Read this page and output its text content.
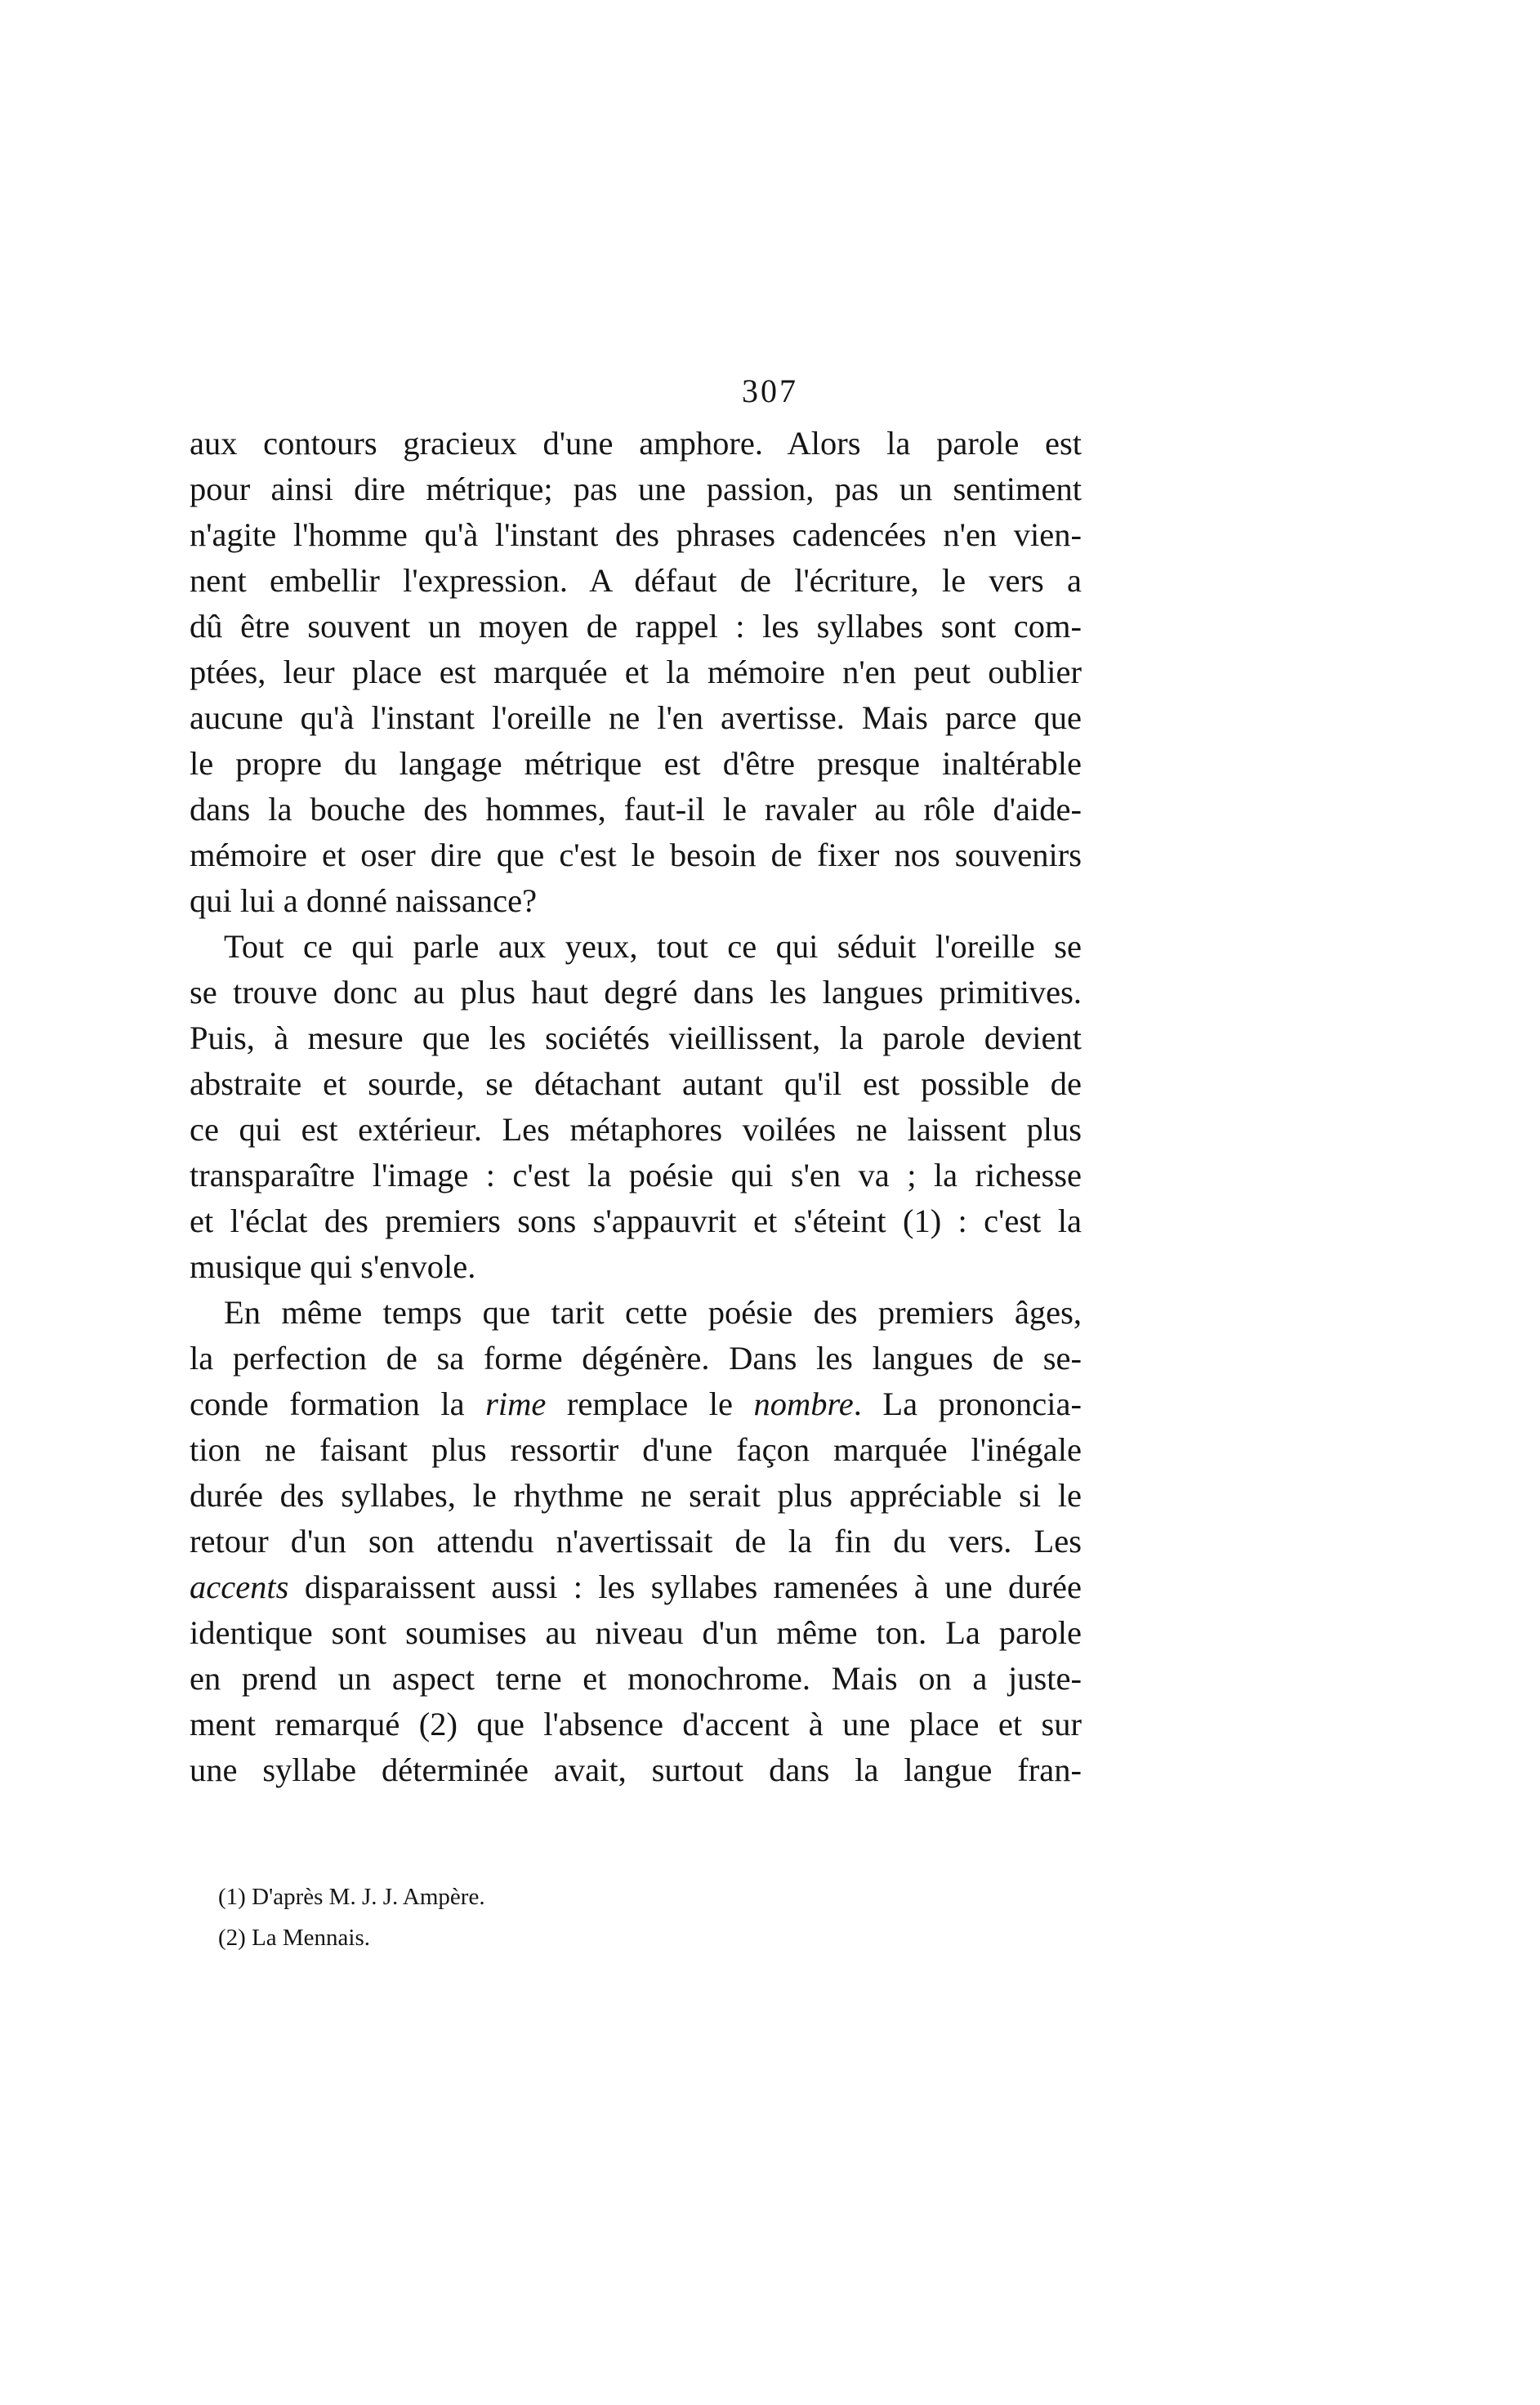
307
aux contours gracieux d'une amphore. Alors la parole est
pour ainsi dire métrique; pas une passion, pas un sentiment
n'agite l'homme qu'à l'instant des phrases cadencées n'en vien-
nent embellir l'expression. A défaut de l'écriture, le vers a
dû être souvent un moyen de rappel : les syllabes sont com-
ptées, leur place est marquée et la mémoire n'en peut oublier
aucune qu'à l'instant l'oreille ne l'en avertisse. Mais parce que
le propre du langage métrique est d'être presque inaltérable
dans la bouche des hommes, faut-il le ravaler au rôle d'aide-
mémoire et oser dire que c'est le besoin de fixer nos souvenirs
qui lui a donné naissance?
Tout ce qui parle aux yeux, tout ce qui séduit l'oreille se
se trouve donc au plus haut degré dans les langues primitives.
Puis, à mesure que les sociétés vieillissent, la parole devient
abstraite et sourde, se détachant autant qu'il est possible de
ce qui est extérieur. Les métaphores voilées ne laissent plus
transparaître l'image : c'est la poésie qui s'en va ; la richesse
et l'éclat des premiers sons s'appauvrit et s'éteint (1) : c'est la
musique qui s'envole.
En même temps que tarit cette poésie des premiers âges,
la perfection de sa forme dégénère. Dans les langues de se-
conde formation la rime remplace le nombre. La prononcia-
tion ne faisant plus ressortir d'une façon marquée l'inégale
durée des syllabes, le rhythme ne serait plus appréciable si le
retour d'un son attendu n'avertissait de la fin du vers. Les
accents disparaissent aussi : les syllabes ramenées à une durée
identique sont soumises au niveau d'un même ton. La parole
en prend un aspect terne et monochrome. Mais on a juste-
ment remarqué (2) que l'absence d'accent à une place et sur
une syllabe déterminée avait, surtout dans la langue fran-
(1) D'après M. J. J. Ampère.
(2) La Mennais.
